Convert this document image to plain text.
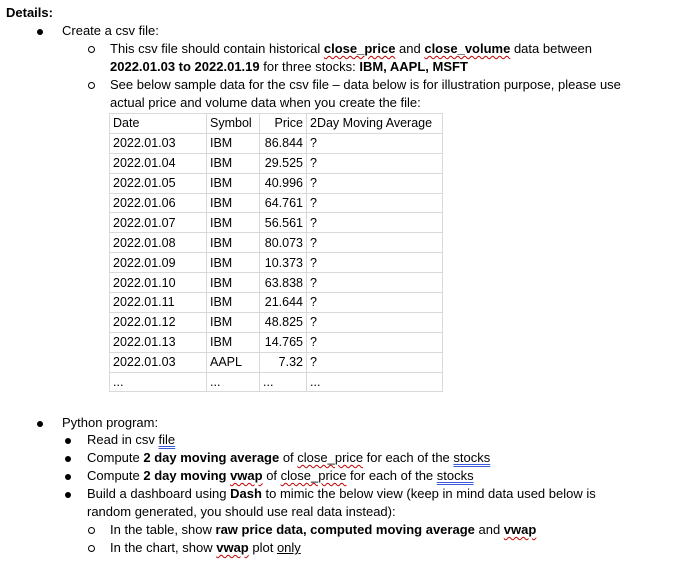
Details:
Create a csv file:
This csv file should contain historical close_price and close_volume data between
2022.01.03 to 2022.01.19 for three stocks: IBM, AAPL, MSFT
See below sample data for the csv file – data below is for illustration purpose, please use
actual price and volume data when you create the file:
Date	Symbol	Price	2Day Moving Average
2022.01.03	IBM	86.844	?
2022.01.04	IBM	29.525	?
2022.01.05	IBM	40.996	?
2022.01.06	IBM	64.761	?
2022.01.07	IBM	56.561	?
2022.01.08	IBM	80.073	?
2022.01.09	IBM	10.373	?
2022.01.10	IBM	63.838	?
2022.01.11	IBM	21.644	?
2022.01.12	IBM	48.825	?
2022.01.13	IBM	14.765	?
2022.01.03	AAPL	7.32	?
...	...	...	...
Python program:
Read in csv file
Compute 2 day moving average of close_price for each of the stocks
Compute 2 day moving vwap of close_price for each of the stocks
Build a dashboard using Dash to mimic the below view (keep in mind data used below is
random generated, you should use real data instead):
In the table, show raw price data, computed moving average and vwap
In the chart, show vwap plot only
